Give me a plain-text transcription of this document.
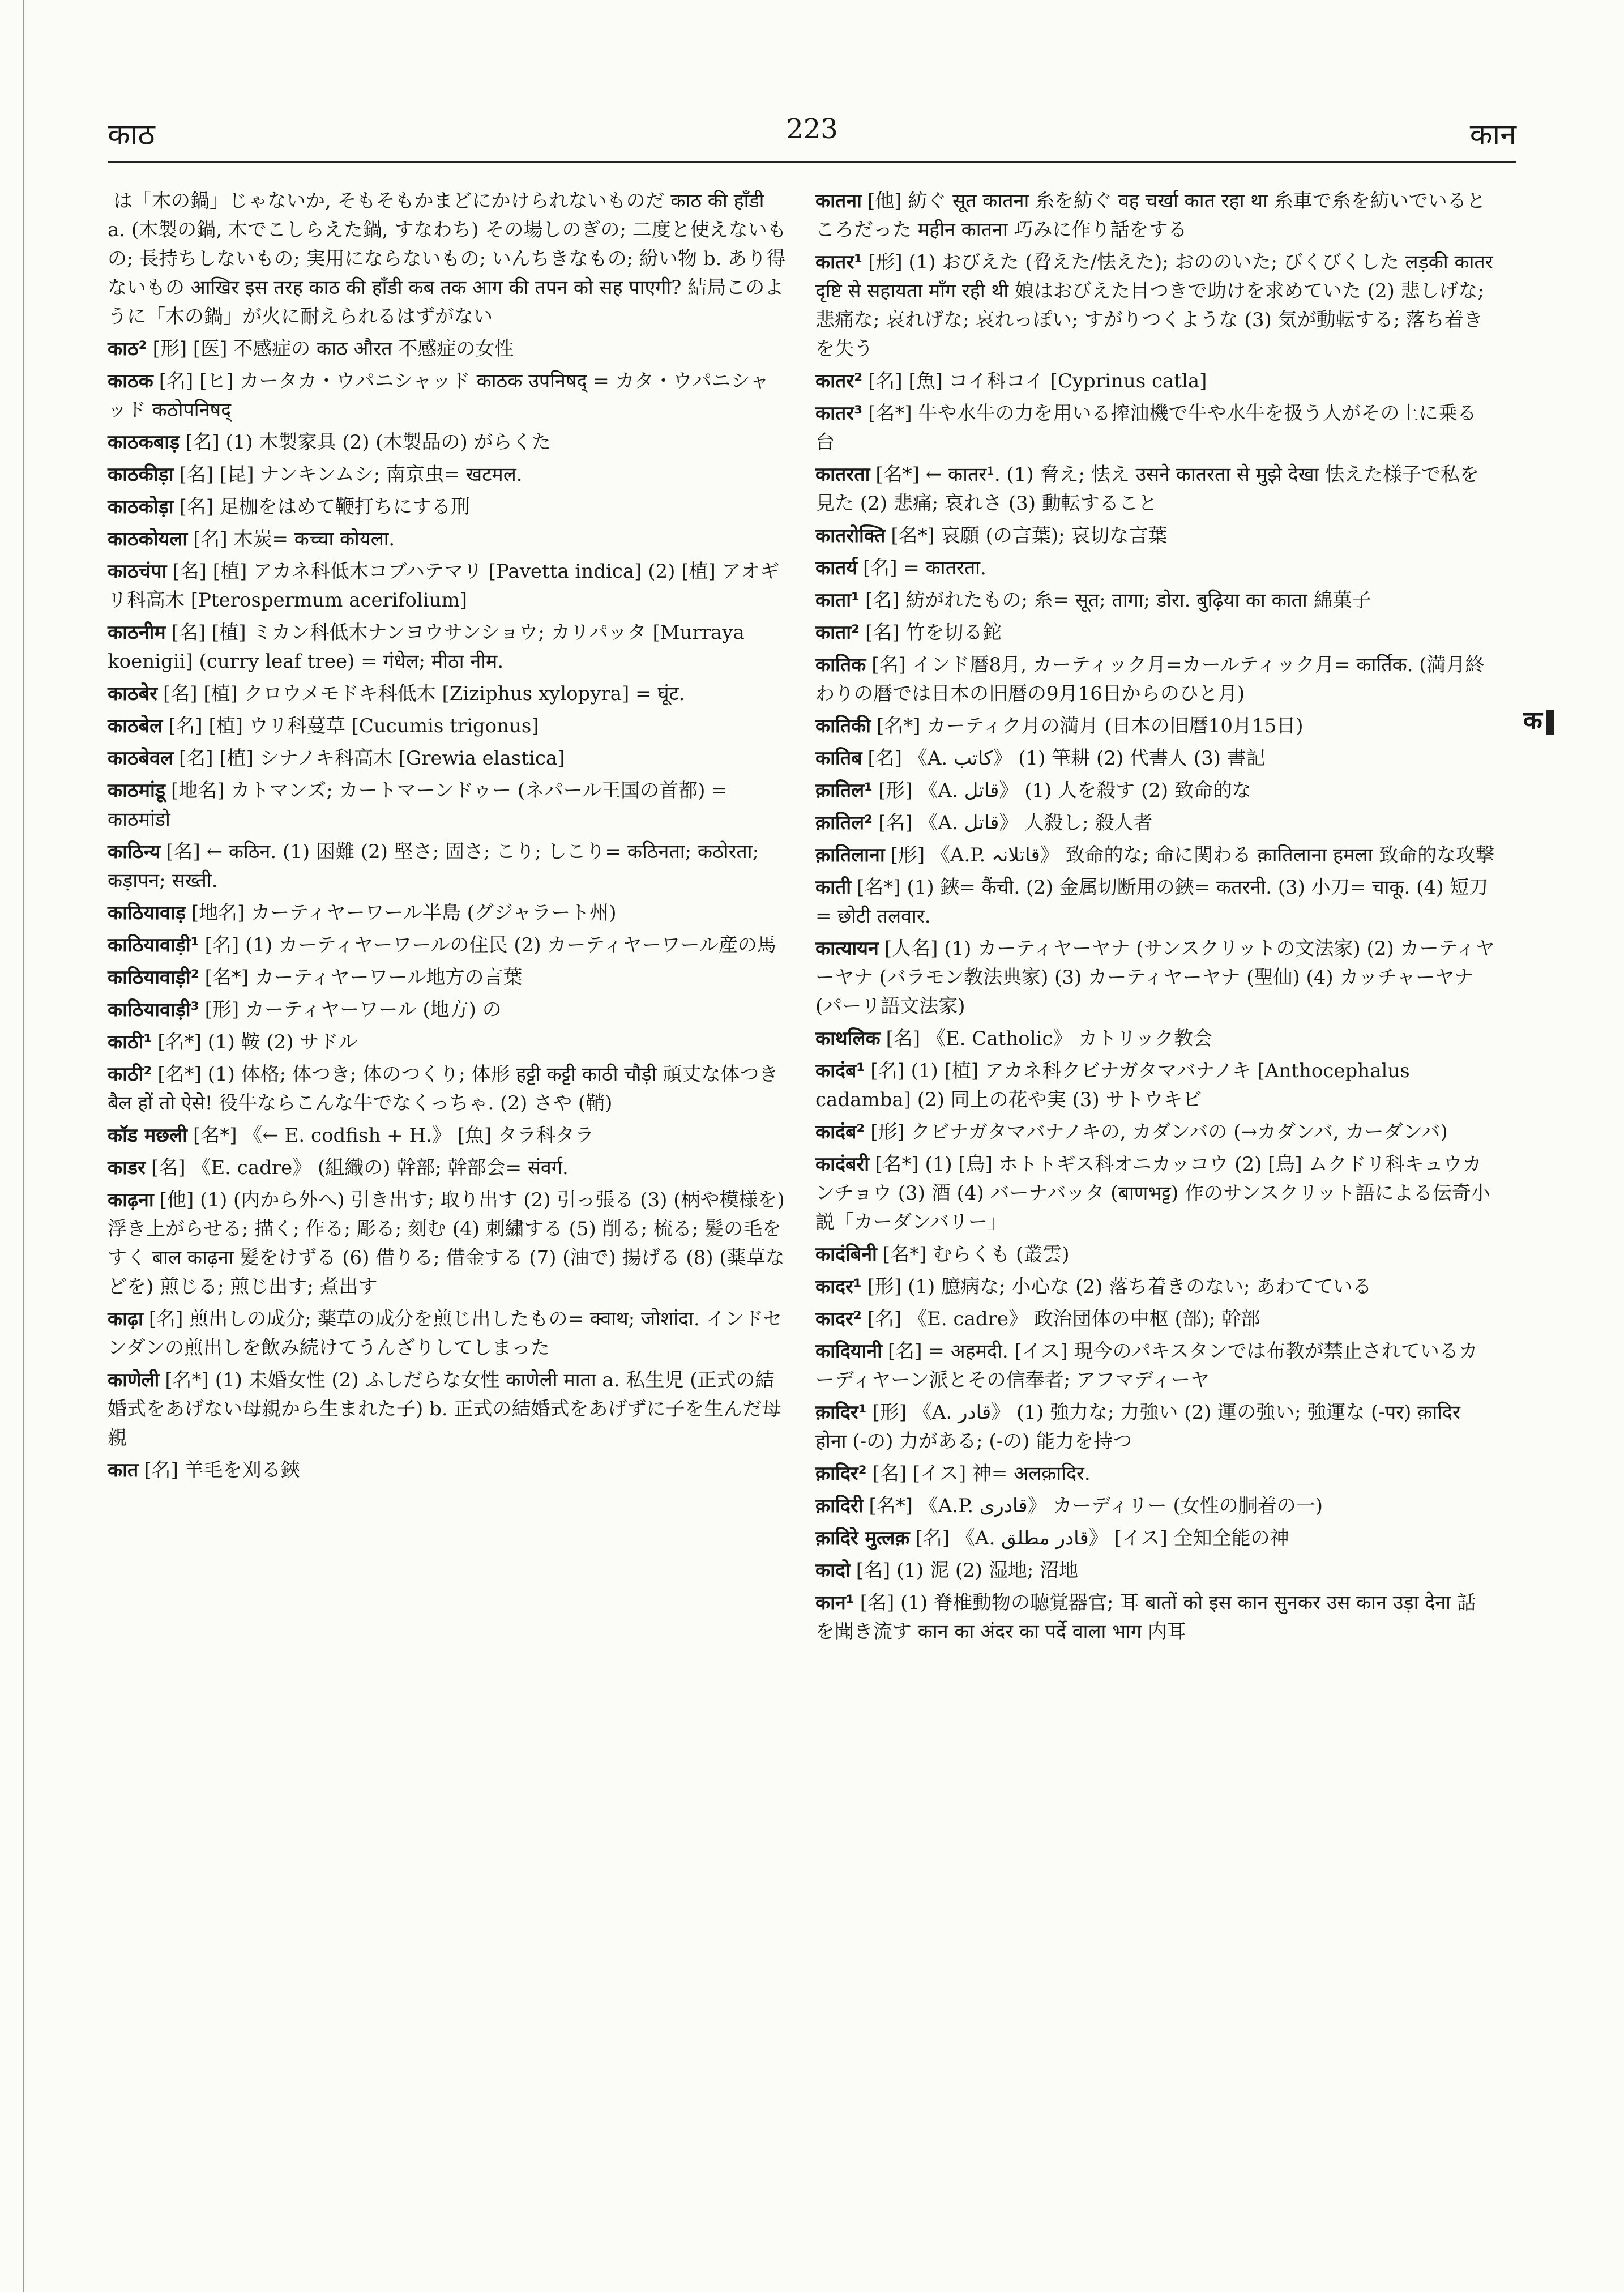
काठ	223	कान
は「木の鍋」じゃないか, そもそもかまどにかけられないものだ काठ की हाँडी a. (木製の鍋, 木でこしらえた鍋, すなわち) その場しのぎの; 二度と使えないもの; 長持ちしないもの; 実用にならないもの; いんちきなもの; 紛い物 b. あり得ないもの आखिर इस तरह काठ की हाँडी कब तक आग की तपन को सह पाएगी? 結局このように「木の鍋」が火に耐えられるはずがない
काठ² [形] [医] 不感症の काठ औरत 不感症の女性
काठक [名] [ヒ] カータカ・ウパニシャッド काठक उपनिषद् = カタ・ウパニシャッド कठोपनिषद्
काठकबाड़ [名] (1) 木製家具 (2) (木製品の) がらくた
काठकीड़ा [名] [昆] ナンキンムシ; 南京虫= खटमल.
काठकोड़ा [名] 足枷をはめて鞭打ちにする刑
काठकोयला [名] 木炭= कच्चा कोयला.
काठचंपा [名] [植] アカネ科低木コブハテマリ [Pavetta indica] (2) [植] アオギリ科高木 [Pterospermum acerifolium]
काठनीम [名] [植] ミカン科低木ナンヨウサンショウ; カリパッタ [Murraya koenigii] (curry leaf tree) = गंधेल; मीठा नीम.
काठबेर [名] [植] クロウメモドキ科低木 [Ziziphus xylopyra] = घूंट.
काठबेल [名] [植] ウリ科蔓草 [Cucumis trigonus]
काठबेवल [名] [植] シナノキ科高木 [Grewia elastica]
काठमांडू [地名] カトマンズ; カートマーンドゥー (ネパール王国の首都) = काठमांडो
काठिन्य [名] ← कठिन. (1) 困難 (2) 堅さ; 固さ; こり; しこり= कठिनता; कठोरता; कड़ापन; सख्ती.
काठियावाड़ [地名] カーティヤーワール半島 (グジャラート州)
काठियावाड़ी¹ [名] (1) カーティヤーワールの住民 (2) カーティヤーワール産の馬
काठियावाड़ी² [名*] カーティヤーワール地方の言葉
काठियावाड़ी³ [形] カーティヤーワール (地方) の
काठी¹ [名*] (1) 鞍 (2) サドル
काठी² [名*] (1) 体格; 体つき; 体のつくり; 体形 हट्टी कट्टी काठी चौड़ी 頑丈な体つき बैल हों तो ऐसे! 役牛ならこんな牛でなくっちゃ. (2) さや (鞘)
कॉड मछली [名*] 《← E. codfish + H.》 [魚] タラ科タラ
काडर [名] 《E. cadre》 (組織の) 幹部; 幹部会= संवर्ग.
काढ़ना [他] (1) (内から外へ) 引き出す; 取り出す (2) 引っ張る (3) (柄や模様を) 浮き上がらせる; 描く; 作る; 彫る; 刻む (4) 刺繍する (5) 削る; 梳る; 髪の毛をすく बाल काढ़ना 髪をけずる (6) 借りる; 借金する (7) (油で) 揚げる (8) (薬草などを) 煎じる; 煎じ出す; 煮出す
काढ़ा [名] 煎出しの成分; 薬草の成分を煎じ出したもの= क्वाथ; जोशांदा. インドセンダンの煎出しを飲み続けてうんざりしてしまった
काणेली [名*] (1) 未婚女性 (2) ふしだらな女性 काणेली माता a. 私生児 (正式の結婚式をあげない母親から生まれた子) b. 正式の結婚式をあげずに子を生んだ母親
कात [名] 羊毛を刈る鋏
कातना [他] 紡ぐ सूत कातना 糸を紡ぐ वह चर्खा कात रहा था 糸車で糸を紡いでいるところだった महीन कातना 巧みに作り話をする
कातर¹ [形] (1) おびえた (脅えた/怯えた); おののいた; びくびくした लड़की कातर दृष्टि से सहायता माँग रही थी 娘はおびえた目つきで助けを求めていた (2) 悲しげな; 悲痛な; 哀れげな; 哀れっぽい; すがりつくような (3) 気が動転する; 落ち着きを失う
कातर² [名] [魚] コイ科コイ [Cyprinus catla]
कातर³ [名*] 牛や水牛の力を用いる搾油機で牛や水牛を扱う人がその上に乗る台
कातरता [名*] ← कातर¹. (1) 脅え; 怯え उसने कातरता से मुझे देखा 怯えた様子で私を見た (2) 悲痛; 哀れさ (3) 動転すること
कातरोक्ति [名*] 哀願 (の言葉); 哀切な言葉
कातर्य [名] = कातरता.
काता¹ [名] 紡がれたもの; 糸= सूत; तागा; डोरा. बुढ़िया का काता 綿菓子
काता² [名] 竹を切る鉈
कातिक [名] インド暦8月, カーティック月=カールティック月= कार्तिक. (満月終わりの暦では日本の旧暦の9月16日からのひと月)
कातिकी [名*] カーティク月の満月 (日本の旧暦10月15日)
कातिब [名] 《A. کاتب》 (1) 筆耕 (2) 代書人 (3) 書記
क़ातिल¹ [形] 《A. قاتل》 (1) 人を殺す (2) 致命的な
क़ातिल² [名] 《A. قاتل》 人殺し; 殺人者
क़ातिलाना [形] 《A.P. قاتلانہ》 致命的な; 命に関わる क़ातिलाना हमला 致命的な攻撃
काती [名*] (1) 鋏= कैंची. (2) 金属切断用の鋏= कतरनी. (3) 小刀= चाकू. (4) 短刀= छोटी तलवार.
कात्यायन [人名] (1) カーティヤーヤナ (サンスクリットの文法家) (2) カーティヤーヤナ (バラモン教法典家) (3) カーティヤーヤナ (聖仙) (4) カッチャーヤナ (パーリ語文法家)
काथलिक [名] 《E. Catholic》 カトリック教会
कादंब¹ [名] (1) [植] アカネ科クビナガタマバナノキ [Anthocephalus cadamba] (2) 同上の花や実 (3) サトウキビ
कादंब² [形] クビナガタマバナノキの, カダンバの (→カダンバ, カーダンバ)
कादंबरी [名*] (1) [鳥] ホトトギス科オニカッコウ (2) [鳥] ムクドリ科キュウカンチョウ (3) 酒 (4) バーナバッタ (बाणभट्ट) 作のサンスクリット語による伝奇小説「カーダンバリー」
कादंबिनी [名*] むらくも (叢雲)
कादर¹ [形] (1) 臆病な; 小心な (2) 落ち着きのない; あわてている
कादर² [名] 《E. cadre》 政治団体の中枢 (部); 幹部
कादियानी [名] = अहमदी. [イス] 現今のパキスタンでは布教が禁止されているカーディヤーン派とその信奉者; アフマディーヤ
क़ादिर¹ [形] 《A. قادر》 (1) 強力な; 力強い (2) 運の強い; 強運な (-पर) क़ादिर होना (-の) 力がある; (-の) 能力を持つ
क़ादिर² [名] [イス] 神= अलक़ादिर.
क़ादिरी [名*] 《A.P. قادری》 カーディリー (女性の胴着の一)
क़ादिरे मुत्लक़ [名] 《A. قادر مطلق》 [イス] 全知全能の神
कादो [名] (1) 泥 (2) 湿地; 沼地
कान¹ [名] (1) 脊椎動物の聴覚器官; 耳 बातों को इस कान सुनकर उस कान उड़ा देना 話を聞き流す कान का अंदर का पर्दे वाला भाग 内耳
क
